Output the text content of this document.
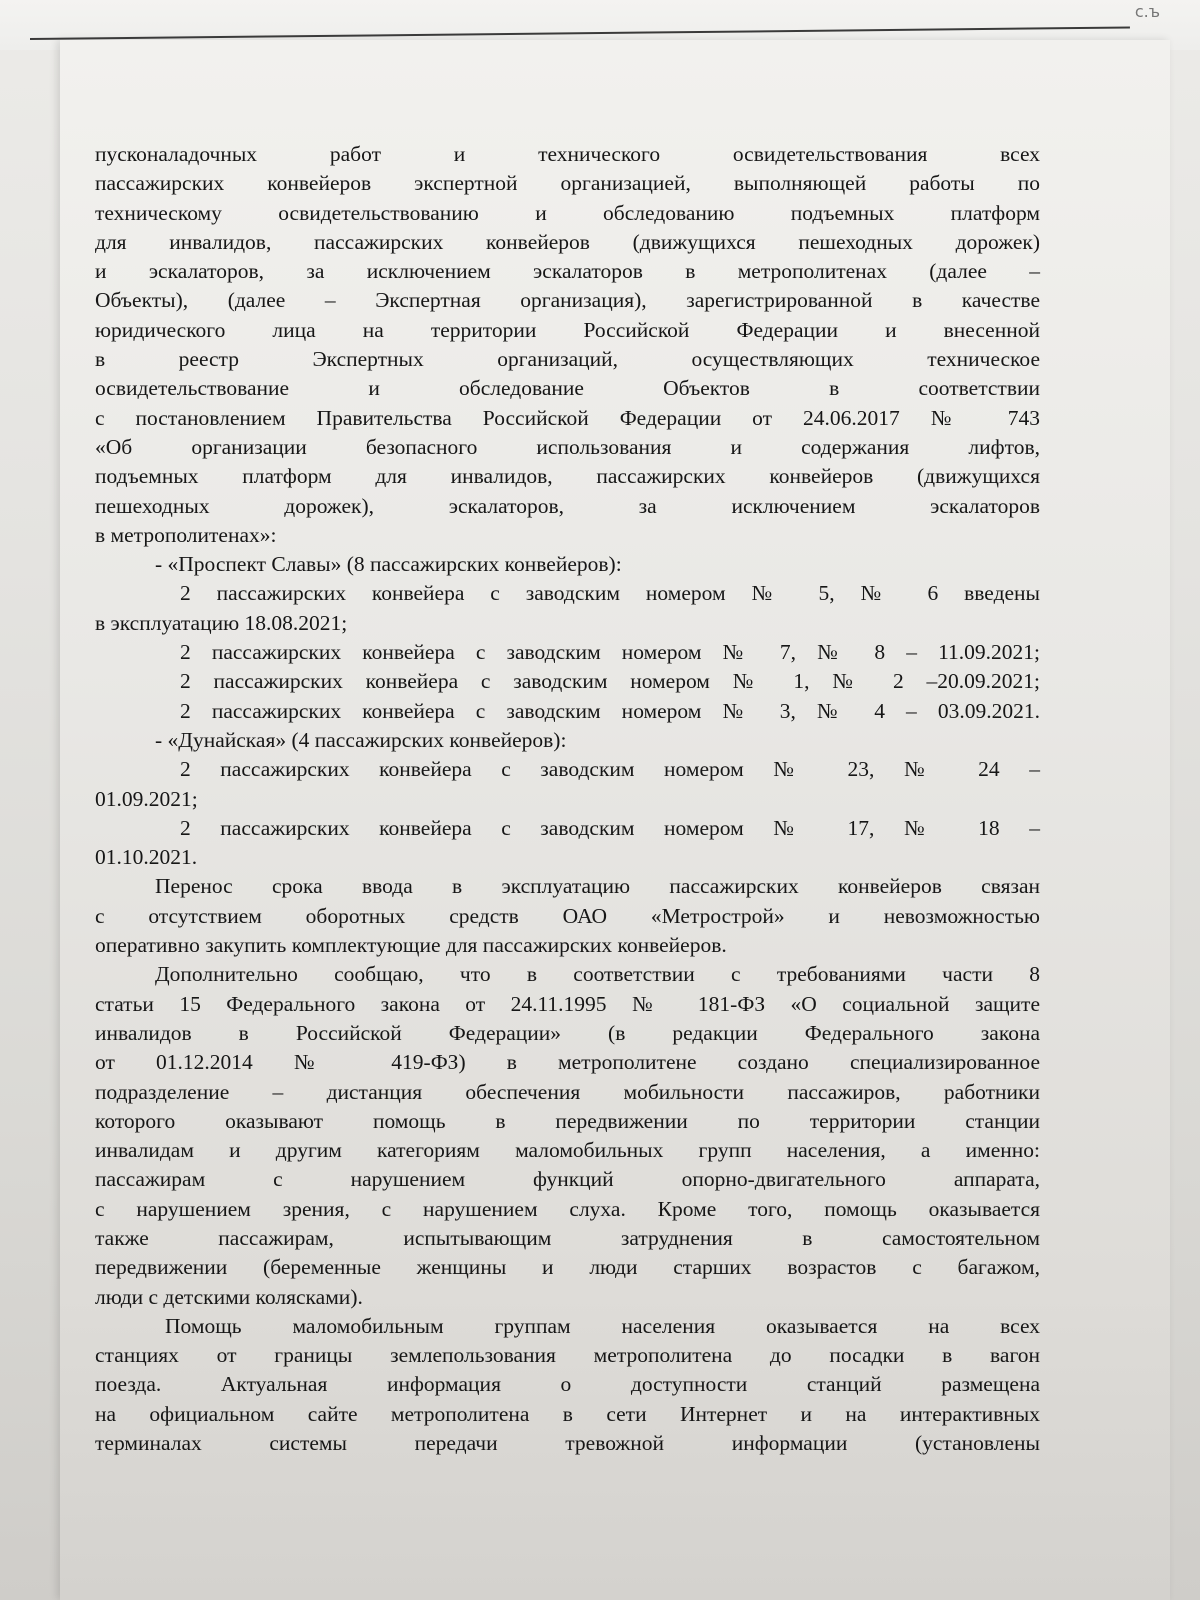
с.ъ
пусконаладочных работ и технического освидетельствования всех
пассажирских конвейеров экспертной организацией, выполняющей работы по
техническому освидетельствованию и обследованию подъемных платформ
для инвалидов, пассажирских конвейеров (движущихся пешеходных дорожек)
и эскалаторов, за исключением эскалаторов в метрополитенах (далее –
Объекты), (далее – Экспертная организация), зарегистрированной в качестве
юридического лица на территории Российской Федерации и внесенной
в реестр Экспертных организаций, осуществляющих техническое
освидетельствование и обследование Объектов в соответствии
с постановлением Правительства Российской Федерации от 24.06.2017 № 743
«Об организации безопасного использования и содержания лифтов,
подъемных платформ для инвалидов, пассажирских конвейеров (движущихся
пешеходных дорожек), эскалаторов, за исключением эскалаторов
в метрополитенах»:
- «Проспект Славы» (8 пассажирских конвейеров):
2 пассажирских конвейера с заводским номером № 5, № 6 введены
в эксплуатацию 18.08.2021;
2 пассажирских конвейера с заводским номером № 7, № 8 – 11.09.2021;
2 пассажирских конвейера с заводским номером № 1, № 2 –20.09.2021;
2 пассажирских конвейера с заводским номером № 3, № 4 – 03.09.2021.
- «Дунайская» (4 пассажирских конвейеров):
2 пассажирских конвейера с заводским номером № 23, № 24 –
01.09.2021;
2 пассажирских конвейера с заводским номером № 17, № 18 –
01.10.2021.
Перенос срока ввода в эксплуатацию пассажирских конвейеров связан
с отсутствием оборотных средств ОАО «Метрострой» и невозможностью
оперативно закупить комплектующие для пассажирских конвейеров.
Дополнительно сообщаю, что в соответствии с требованиями части 8
статьи 15 Федерального закона от 24.11.1995 № 181-ФЗ «О социальной защите
инвалидов в Российской Федерации» (в редакции Федерального закона
от 01.12.2014 № 419-ФЗ) в метрополитене создано специализированное
подразделение – дистанция обеспечения мобильности пассажиров, работники
которого оказывают помощь в передвижении по территории станции
инвалидам и другим категориям маломобильных групп населения, а именно:
пассажирам с нарушением функций опорно-двигательного аппарата,
с нарушением зрения, с нарушением слуха. Кроме того, помощь оказывается
также пассажирам, испытывающим затруднения в самостоятельном
передвижении (беременные женщины и люди старших возрастов с багажом,
люди с детскими колясками).
Помощь маломобильным группам населения оказывается на всех
станциях от границы землепользования метрополитена до посадки в вагон
поезда. Актуальная информация о доступности станций размещена
на официальном сайте метрополитена в сети Интернет и на интерактивных
терминалах системы передачи тревожной информации (установлены
